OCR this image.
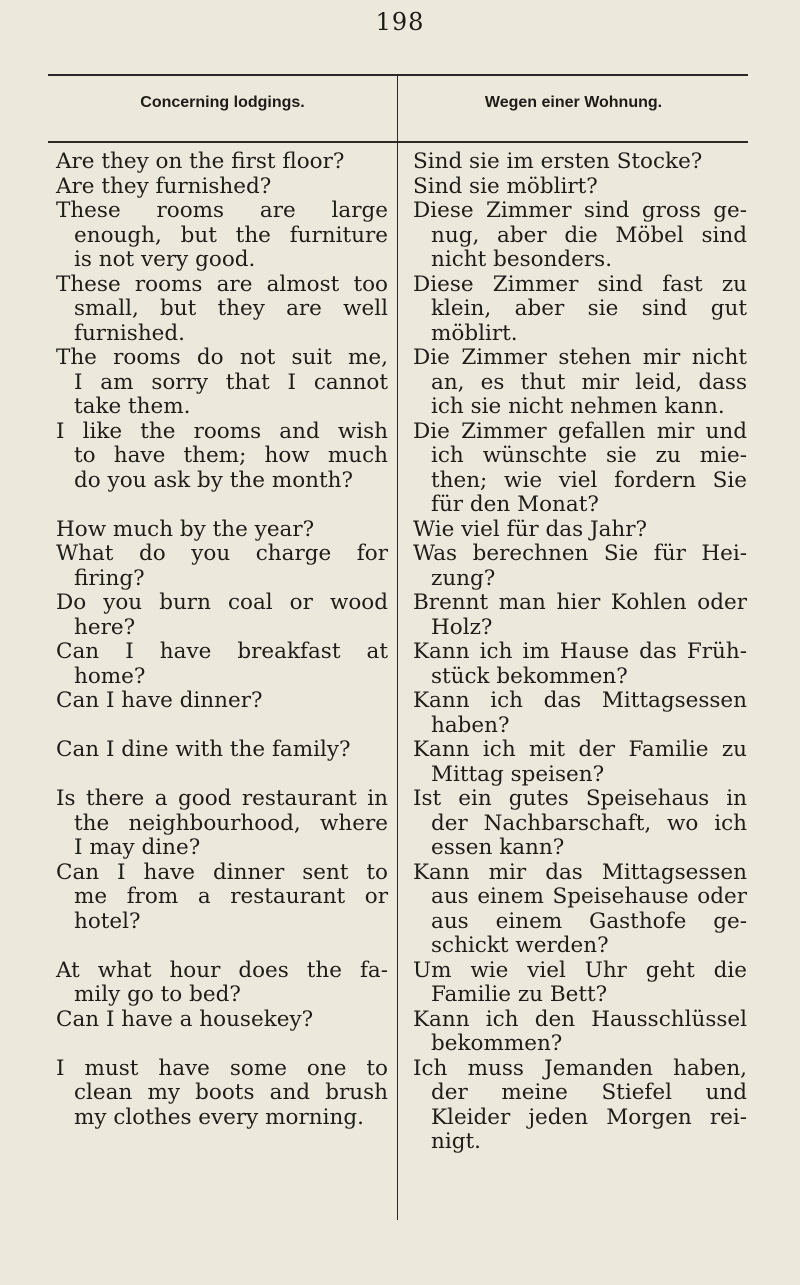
198
Concerning lodgings.	Wegen einer Wohnung.
Are they on the first floor?
Are they furnished?
These rooms are large
enough, but the furniture
is not very good.
These rooms are almost too
small, but they are well
furnished.
The rooms do not suit me,
I am sorry that I cannot
take them.
I like the rooms and wish
to have them; how much
do you ask by the month?
How much by the year?
What do you charge for
firing?
Do you burn coal or wood
here?
Can I have breakfast at
home?
Can I have dinner?
Can I dine with the family?
Is there a good restaurant in
the neighbourhood, where
I may dine?
Can I have dinner sent to
me from a restaurant or
hotel?
At what hour does the fa-
mily go to bed?
Can I have a housekey?
I must have some one to
clean my boots and brush
my clothes every morning.
Sind sie im ersten Stocke?
Sind sie möblirt?
Diese Zimmer sind gross ge-
nug, aber die Möbel sind
nicht besonders.
Diese Zimmer sind fast zu
klein, aber sie sind gut
möblirt.
Die Zimmer stehen mir nicht
an, es thut mir leid, dass
ich sie nicht nehmen kann.
Die Zimmer gefallen mir und
ich wünschte sie zu mie-
then; wie viel fordern Sie
für den Monat?
Wie viel für das Jahr?
Was berechnen Sie für Hei-
zung?
Brennt man hier Kohlen oder
Holz?
Kann ich im Hause das Früh-
stück bekommen?
Kann ich das Mittagsessen
haben?
Kann ich mit der Familie zu
Mittag speisen?
Ist ein gutes Speisehaus in
der Nachbarschaft, wo ich
essen kann?
Kann mir das Mittagsessen
aus einem Speisehause oder
aus einem Gasthofe ge-
schickt werden?
Um wie viel Uhr geht die
Familie zu Bett?
Kann ich den Hausschlüssel
bekommen?
Ich muss Jemanden haben,
der meine Stiefel und
Kleider jeden Morgen rei-
nigt.
